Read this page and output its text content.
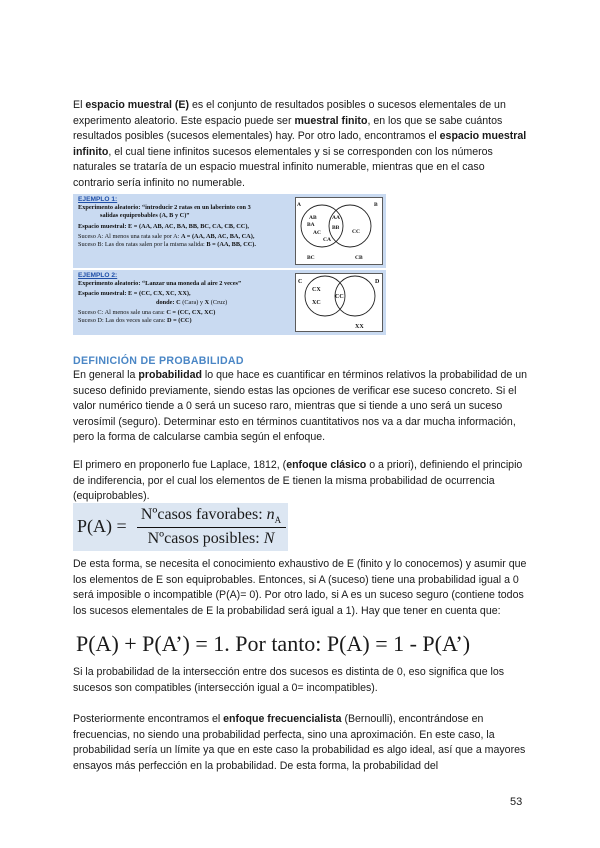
El espacio muestral (E) es el conjunto de resultados posibles o sucesos elementales de un experimento aleatorio. Este espacio puede ser muestral finito, en los que se sabe cuántos resultados posibles (sucesos elementales) hay. Por otro lado, encontramos el espacio muestral infinito, el cual tiene infinitos sucesos elementales y si se corresponden con los números naturales se trataría de un espacio muestral infinito numerable, mientras que en el caso contrario sería infinito no numerable.

EJEMPLO 1:
Experimento aleatorio: “introducir 2 ratas en un laberinto con 3
salidas equiprobables (A, B y C)”
Espacio muestral: E = (AA, AB, AC, BA, BB, BC, CA, CB, CC),
Suceso A: Al menos una rata sale por A: A = (AA, AB, AC, BA, CA),
Suceso B: Las dos ratas salen por la misma salida: B = (AA, BB, CC).
A	B
AB
BA
AC
CA
AA
BB
CC
BC	CB
EJEMPLO 2:
Experimento aleatorio: “Lanzar una moneda al aire 2 veces”
Espacio muestral: E = (CC, CX, XC, XX),
donde: C (Cara) y X (Cruz)
Suceso C: Al menos sale una cara: C = (CC, CX, XC)
Suceso D: Las dos veces sale cara: D = (CC)
C	D
CX
XC
CC
XX

DEFINICIÓN DE PROBABILIDAD

En general la probabilidad lo que hace es cuantificar en términos relativos la probabilidad de un suceso definido previamente, siendo estas las opciones de verificar ese suceso concreto. Si el valor numérico tiende a 0 será un suceso raro, mientras que si tiende a uno será un suceso verosímil (seguro). Determinar esto en términos cuantitativos nos va a dar mucha información, pero la forma de calcularse cambia según el enfoque.

El primero en proponerlo fue Laplace, 1812, (enfoque clásico o a priori), definiendo el principio de indiferencia, por el cual los elementos de E tienen la misma probabilidad de ocurrencia (equiprobables).

P(A) =
Nºcasos favorabes: $n_A$
Nºcasos posibles: N

De esta forma, se necesita el conocimiento exhaustivo de E (finito y lo conocemos) y asumir que los elementos de E son equiprobables. Entonces, si A (suceso) tiene una probabilidad igual a 0 será imposible o incompatible (P(A)= 0). Por otro lado, si A es un suceso seguro (contiene todos los sucesos elementales de E la probabilidad será igual a 1). Hay que tener en cuenta que:

P(A) + P(A’) = 1. Por tanto: P(A) = 1 - P(A’)

Si la probabilidad de la intersección entre dos sucesos es distinta de 0, eso significa que los sucesos son compatibles (intersección igual a 0= incompatibles).

Posteriormente encontramos el enfoque frecuencialista (Bernoulli), encontrándose en frecuencias, no siendo una probabilidad perfecta, sino una aproximación. En este caso, la probabilidad sería un límite ya que en este caso la probabilidad es algo ideal, así que a mayores ensayos más perfección en la probabilidad. De esta forma, la probabilidad del

53
